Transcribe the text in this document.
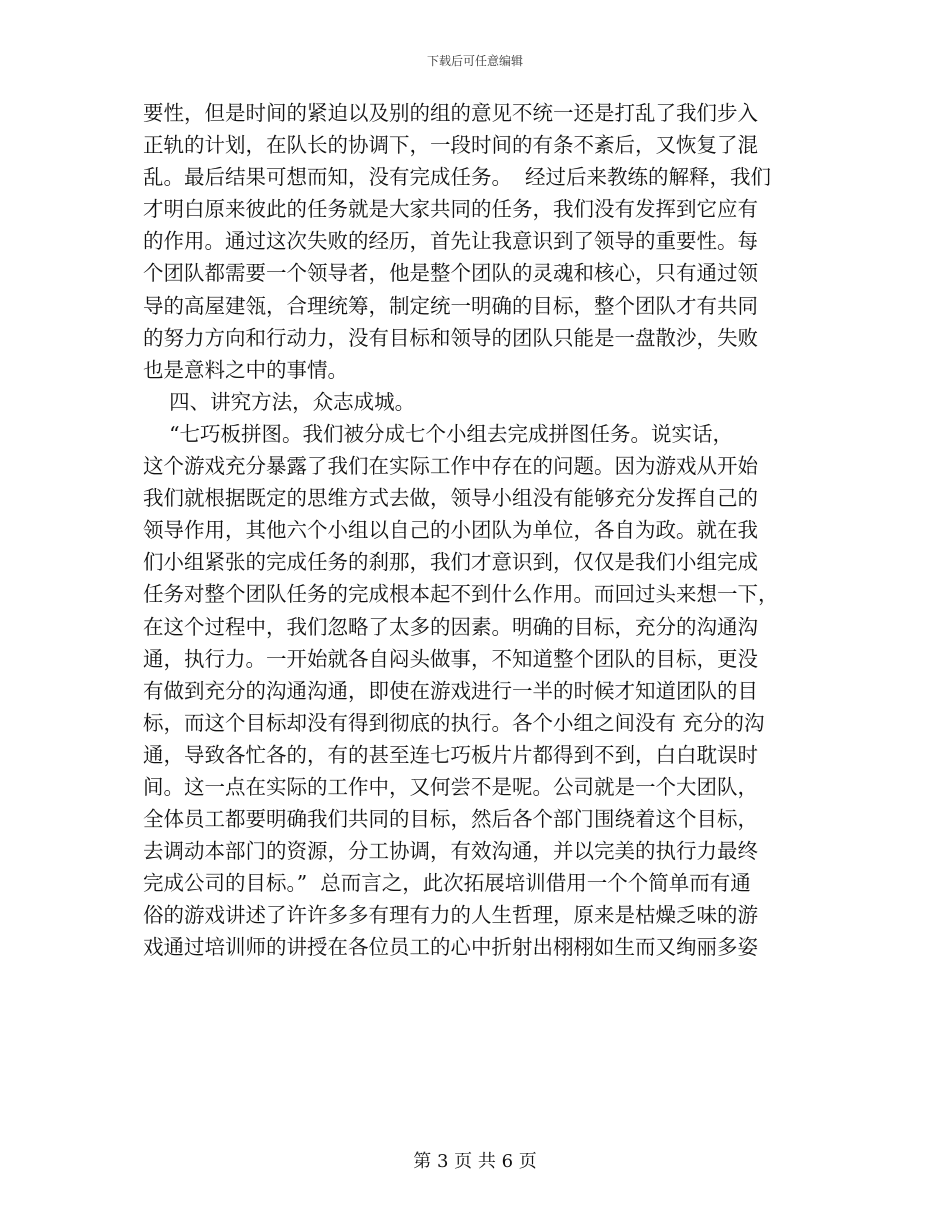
下载后可任意编辑
要性，但是时间的紧迫以及别的组的意见不统一还是打乱了我们步入
正轨的计划，在队长的协调下，一段时间的有条不紊后，又恢复了混
乱。最后结果可想而知，没有完成任务。  经过后来教练的解释，我们
才明白原来彼此的任务就是大家共同的任务，我们没有发挥到它应有
的作用。通过这次失败的经历，首先让我意识到了领导的重要性。每
个团队都需要一个领导者，他是整个团队的灵魂和核心，只有通过领
导的高屋建瓴，合理统筹，制定统一明确的目标，整个团队才有共同
的努力方向和行动力，没有目标和领导的团队只能是一盘散沙，失败
也是意料之中的事情。
四、讲究方法，众志成城。
“七巧板拼图。我们被分成七个小组去完成拼图任务。说实话，
这个游戏充分暴露了我们在实际工作中存在的问题。因为游戏从开始
我们就根据既定的思维方式去做，领导小组没有能够充分发挥自己的
领导作用，其他六个小组以自己的小团队为单位，各自为政。就在我
们小组紧张的完成任务的刹那，我们才意识到，仅仅是我们小组完成
任务对整个团队任务的完成根本起不到什么作用。而回过头来想一下，
在这个过程中，我们忽略了太多的因素。明确的目标，充分的沟通沟
通，执行力。一开始就各自闷头做事，不知道整个团队的目标，更没
有做到充分的沟通沟通，即使在游戏进行一半的时候才知道团队的目
标，而这个目标却没有得到彻底的执行。各个小组之间没有 充分的沟
通，导致各忙各的，有的甚至连七巧板片片都得到不到，白白耽误时
间。这一点在实际的工作中，又何尝不是呢。公司就是一个大团队，
全体员工都要明确我们共同的目标，然后各个部门围绕着这个目标，
去调动本部门的资源，分工协调，有效沟通，并以完美的执行力最终
完成公司的目标。”  总而言之，此次拓展培训借用一个个简单而有通
俗的游戏讲述了许许多多有理有力的人生哲理，原来是枯燥乏味的游
戏通过培训师的讲授在各位员工的心中折射出栩栩如生而又绚丽多姿
第 3 页 共 6 页
